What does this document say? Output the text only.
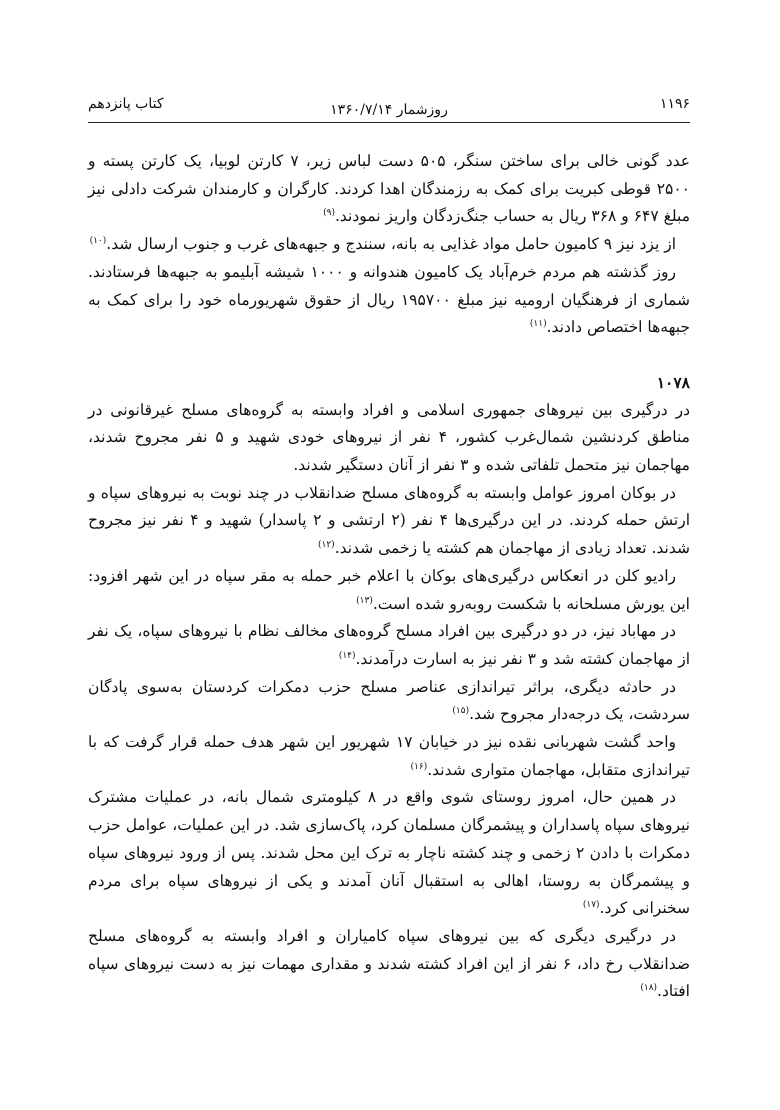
۱۱۹۶
روزشمار ۱۳۶۰/۷/۱۴
کتاب پانزدهم

عدد گونی خالی برای ساختن سنگر، ۵۰۵ دست لباس زیر، ۷ کارتن لوبیا، یک کارتن پسته و ۲۵۰۰ قوطی کبریت برای کمک به رزمندگان اهدا کردند. کارگران و کارمندان شرکت دادلی نیز مبلغ ۶۴۷ و ۳۶۸ ریال به حساب جنگ‌زدگان واریز نمودند.$^{(۹)}$

از یزد نیز ۹ کامیون حامل مواد غذایی به بانه، سنندج و جبهه‌های غرب و جنوب ارسال شد.$^{(۱۰)}$

روز گذشته هم مردم خرم‌آباد یک کامیون هندوانه و ۱۰۰۰ شیشه آبلیمو به جبهه‌ها فرستادند. شماری از فرهنگیان ارومیه نیز مبلغ ۱۹۵۷۰۰ ریال از حقوق شهریورماه خود را برای کمک به جبهه‌ها اختصاص دادند.$^{(۱۱)}$

۱۰۷۸

در درگیری بین نیروهای جمهوری اسلامی و افراد وابسته به گروه‌های مسلح غیرقانونی در مناطق کردنشین شمال‌غرب کشور، ۴ نفر از نیروهای خودی شهید و ۵ نفر مجروح شدند، مهاجمان نیز متحمل تلفاتی شده و ۳ نفر از آنان دستگیر شدند.

در بوکان امروز عوامل وابسته به گروه‌های مسلح ضدانقلاب در چند نوبت به نیروهای سپاه و ارتش حمله کردند. در این درگیری‌ها ۴ نفر (۲ ارتشی و ۲ پاسدار) شهید و ۴ نفر نیز مجروح شدند. تعداد زیادی از مهاجمان هم کشته یا زخمی شدند.$^{(۱۲)}$

رادیو کلن در انعکاس درگیری‌های بوکان با اعلام خبر حمله به مقر سپاه در این شهر افزود: این یورش مسلحانه با شکست روبه‌رو شده است.$^{(۱۳)}$

در مهاباد نیز، در دو درگیری بین افراد مسلح گروه‌های مخالف نظام با نیروهای سپاه، یک نفر از مهاجمان کشته شد و ۳ نفر نیز به اسارت درآمدند.$^{(۱۴)}$

در حادثه دیگری، براثر تیراندازی عناصر مسلح حزب دمکرات کردستان به‌سوی پادگان سردشت، یک درجه‌دار مجروح شد.$^{(۱۵)}$

واحد گشت شهربانی نقده نیز در خیابان ۱۷ شهریور این شهر هدف حمله قرار گرفت که با تیراندازی متقابل، مهاجمان متواری شدند.$^{(۱۶)}$

در همین حال، امروز روستای شوی واقع در ۸ کیلومتری شمال بانه، در عملیات مشترک نیروهای سپاه پاسداران و پیشمرگان مسلمان کرد، پاک‌سازی شد. در این عملیات، عوامل حزب دمکرات با دادن ۲ زخمی و چند کشته ناچار به ترک این محل شدند. پس از ورود نیروهای سپاه و پیشمرگان به روستا، اهالی به استقبال آنان آمدند و یکی از نیروهای سپاه برای مردم سخنرانی کرد.$^{(۱۷)}$

در درگیری دیگری که بین نیروهای سپاه کامیاران و افراد وابسته به گروه‌های مسلح ضدانقلاب رخ داد، ۶ نفر از این افراد کشته شدند و مقداری مهمات نیز به دست نیروهای سپاه افتاد.$^{(۱۸)}$
